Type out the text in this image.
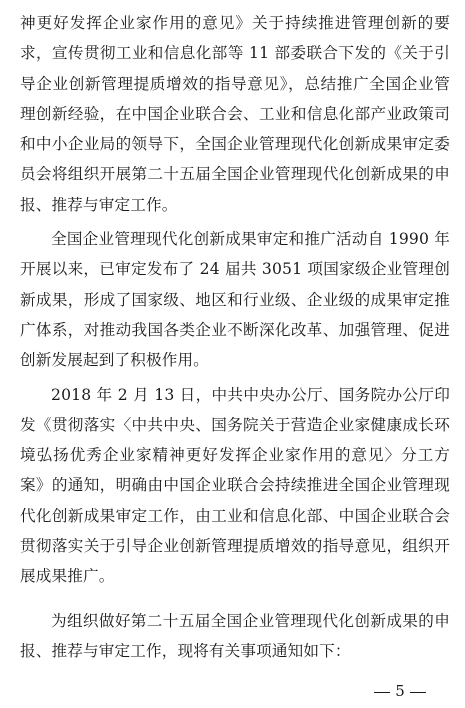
神更好发挥企业家作用的意见》关于持续推进管理创新的要求，宣传贯彻工业和信息化部等 11 部委联合下发的《关于引导企业创新管理提质增效的指导意见》，总结推广全国企业管理创新经验，在中国企业联合会、工业和信息化部产业政策司和中小企业局的领导下，全国企业管理现代化创新成果审定委员会将组织开展第二十五届全国企业管理现代化创新成果的申报、推荐与审定工作。

全国企业管理现代化创新成果审定和推广活动自 1990 年开展以来，已审定发布了 24 届共 3051 项国家级企业管理创新成果，形成了国家级、地区和行业级、企业级的成果审定推广体系，对推动我国各类企业不断深化改革、加强管理、促进创新发展起到了积极作用。

2018 年 2 月 13 日，中共中央办公厅、国务院办公厅印发《贯彻落实〈中共中央、国务院关于营造企业家健康成长环境弘扬优秀企业家精神更好发挥企业家作用的意见〉分工方案》的通知，明确由中国企业联合会持续推进全国企业管理现代化创新成果审定工作，由工业和信息化部、中国企业联合会贯彻落实关于引导企业创新管理提质增效的指导意见，组织开展成果推广。

为组织做好第二十五届全国企业管理现代化创新成果的申报、推荐与审定工作，现将有关事项通知如下：

5
